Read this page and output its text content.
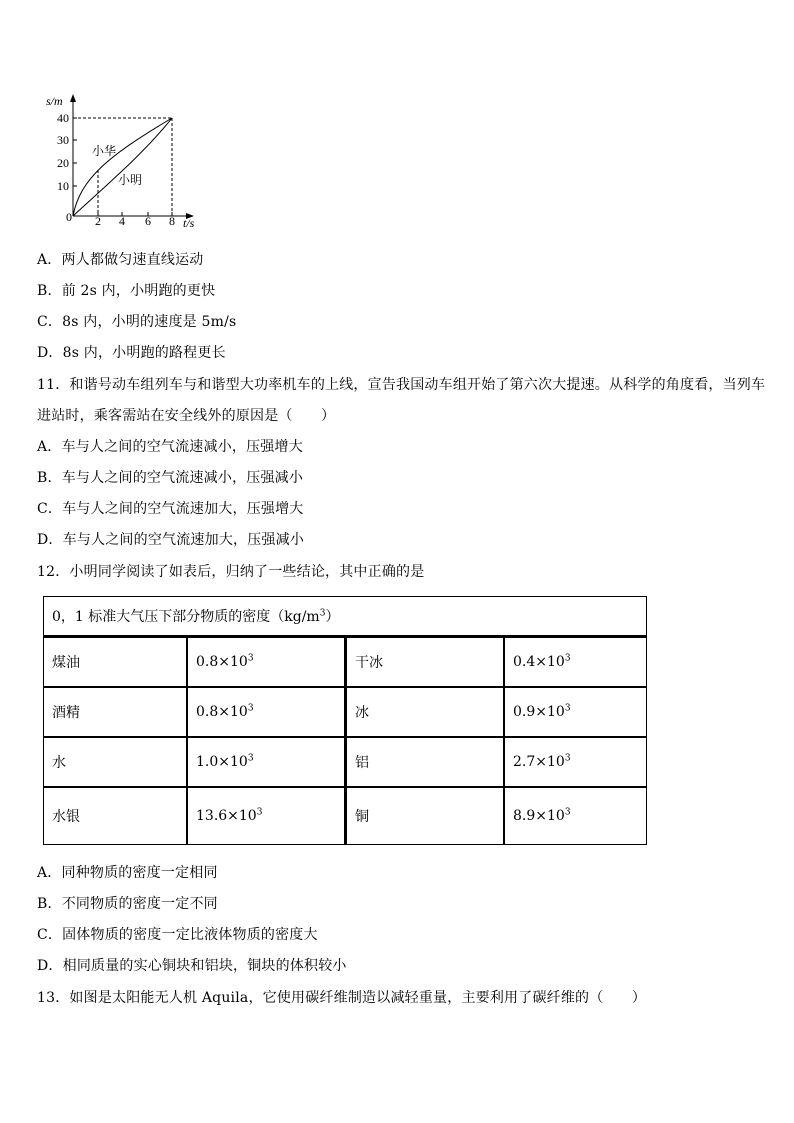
s/m
40
30
20
10
0 2 4 6 8 t/s
小华
小明
A．两人都做匀速直线运动
B．前 2s 内，小明跑的更快
C．8s 内，小明的速度是 5m/s
D．8s 内，小明跑的路程更长
11．和谐号动车组列车与和谐型大功率机车的上线，宣告我国动车组开始了第六次大提速。从科学的角度看，当列车
进站时，乘客需站在安全线外的原因是（　　）
A．车与人之间的空气流速减小，压强增大
B．车与人之间的空气流速减小，压强减小
C．车与人之间的空气流速加大，压强增大
D．车与人之间的空气流速加大，压强减小
12．小明同学阅读了如表后，归纳了一些结论，其中正确的是
0，1 标准大气压下部分物质的密度$(kg/m^3)$			
煤油	$0.8\times 10^3$	干冰	$0.4\times 10^3$
酒精	$0.8\times 10^3$	冰	$0.9\times 10^3$
水	$1.0\times 10^3$	铝	$2.7\times 10^3$
水银	$13.6\times 10^3$	铜	$8.9\times 10^3$
A．同种物质的密度一定相同
B．不同物质的密度一定不同
C．固体物质的密度一定比液体物质的密度大
D．相同质量的实心铜块和铝块，铜块的体积较小
13．如图是太阳能无人机 Aquila，它使用碳纤维制造以减轻重量，主要利用了碳纤维的（　　）
